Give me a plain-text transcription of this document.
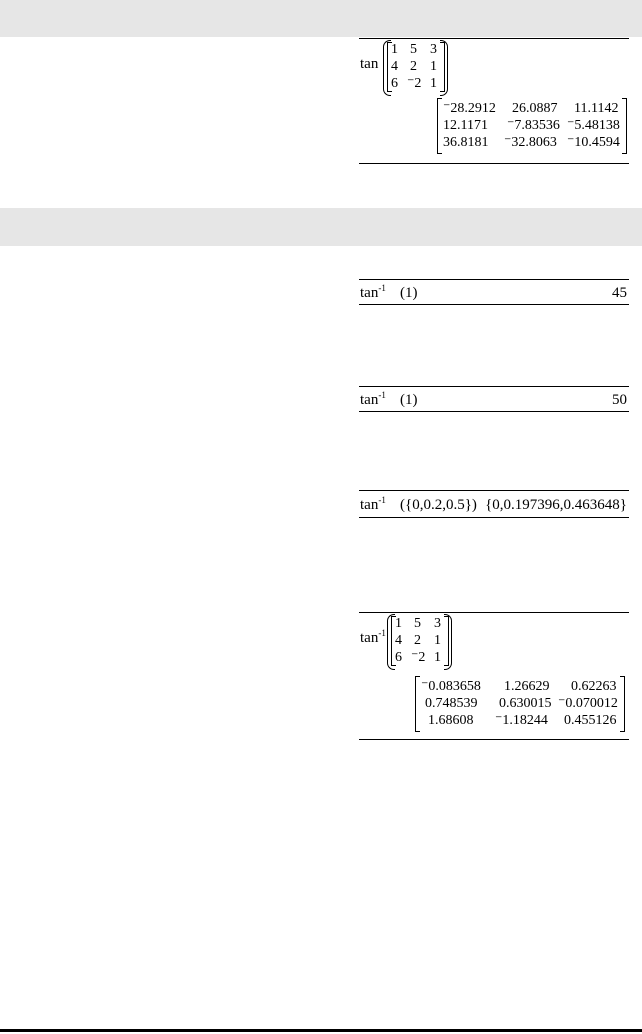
tan
1 5 3
4 2 1
6 ⁻2 1
⁻28.2912 26.0887 11.1142
12.1171 ⁻7.83536 ⁻5.48138
36.8181 ⁻32.8063 ⁻10.4594
$\tan^{-1} (1)$	45
$\tan^{-1} (1)$	50
$\tan^{-1} (\{0,0.2,0.5\})$ {0,0.197396,0.463648}
$\tan^{-1}$
1 5 3
4 2 1
6 ⁻2 1
⁻0.083658 1.26629 0.62263
0.748539 0.630015 ⁻0.070012
1.68608 ⁻1.18244 0.455126
